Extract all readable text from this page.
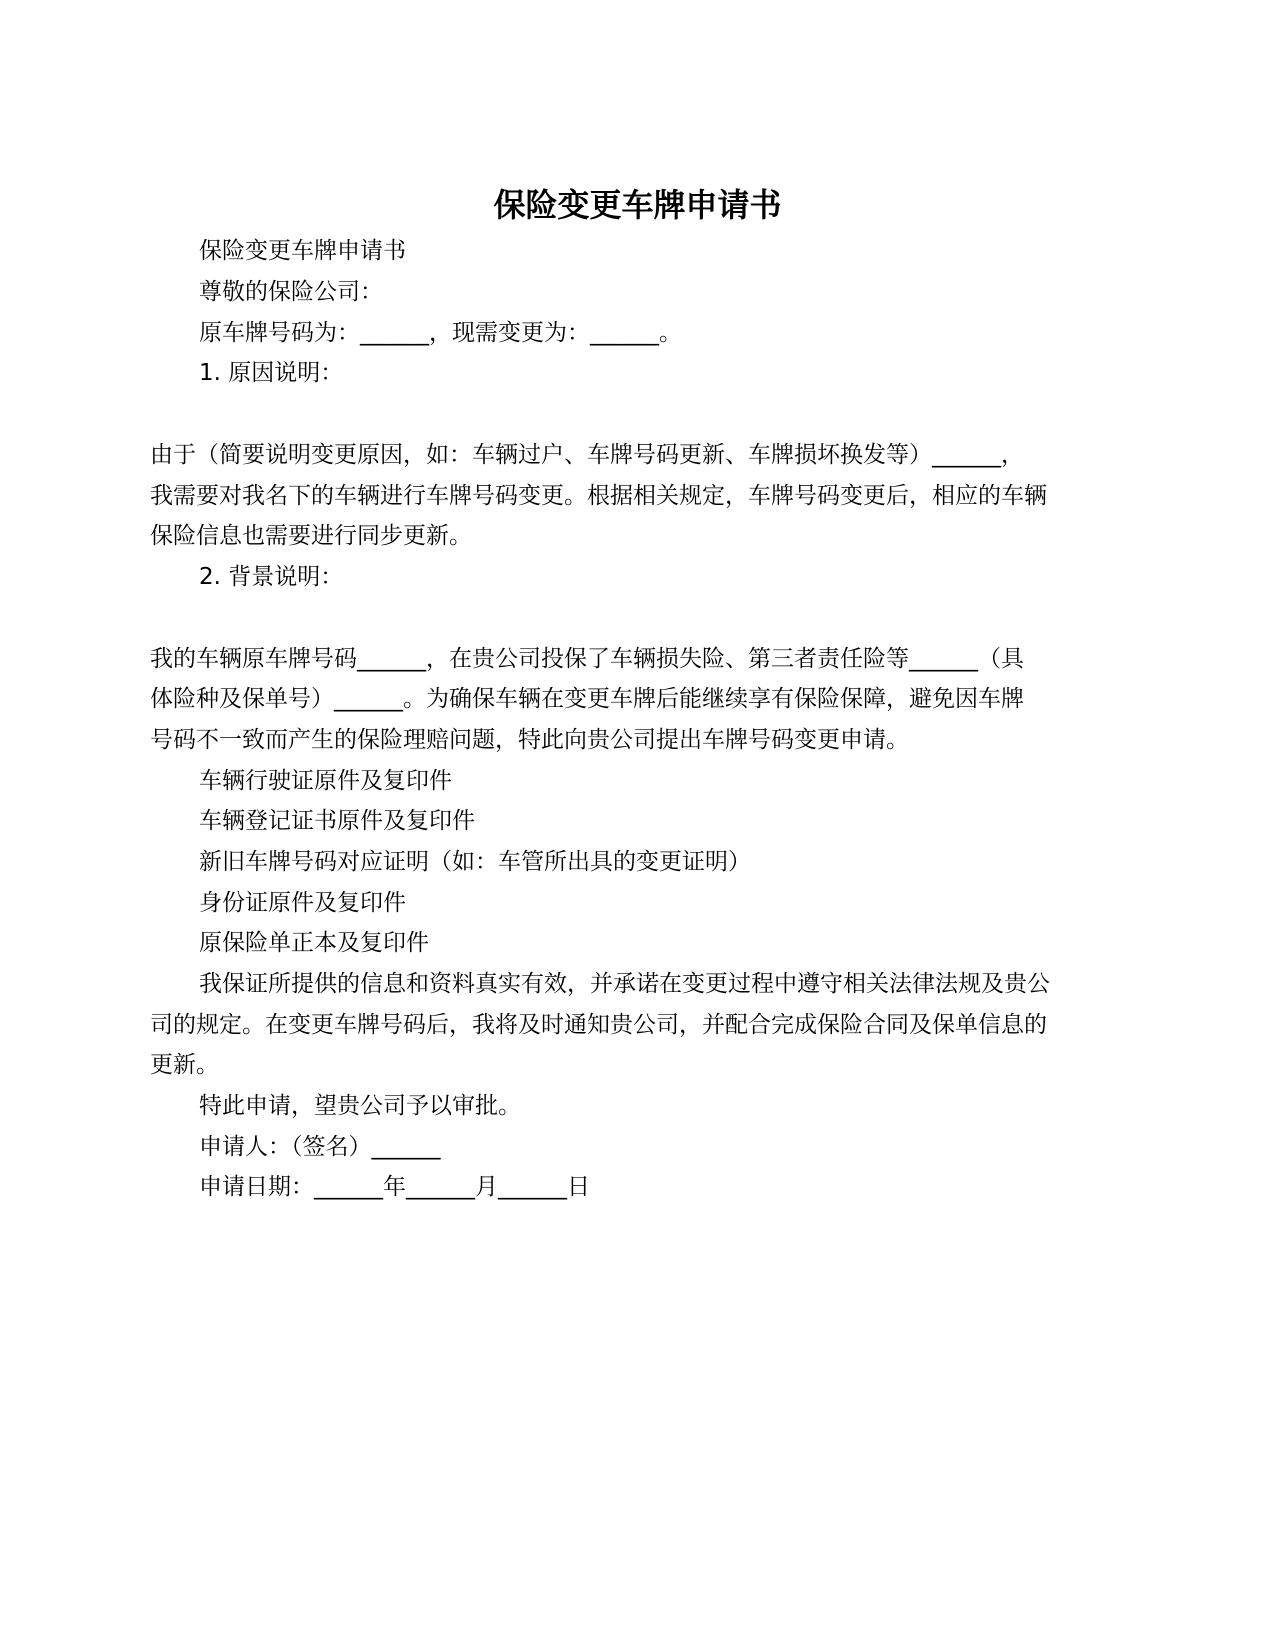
保险变更车牌申请书
保险变更车牌申请书
尊敬的保险公司：
原车牌号码为：______，现需变更为：______。
1. 原因说明：
由于（简要说明变更原因，如：车辆过户、车牌号码更新、车牌损坏换发等）______，
我需要对我名下的车辆进行车牌号码变更。根据相关规定，车牌号码变更后，相应的车辆
保险信息也需要进行同步更新。
2. 背景说明：
我的车辆原车牌号码______，在贵公司投保了车辆损失险、第三者责任险等______（具
体险种及保单号）______。为确保车辆在变更车牌后能继续享有保险保障，避免因车牌
号码不一致而产生的保险理赔问题，特此向贵公司提出车牌号码变更申请。
车辆行驶证原件及复印件
车辆登记证书原件及复印件
新旧车牌号码对应证明（如：车管所出具的变更证明）
身份证原件及复印件
原保险单正本及复印件
我保证所提供的信息和资料真实有效，并承诺在变更过程中遵守相关法律法规及贵公
司的规定。在变更车牌号码后，我将及时通知贵公司，并配合完成保险合同及保单信息的
更新。
特此申请，望贵公司予以审批。
申请人：（签名）______
申请日期：______年______月______日
